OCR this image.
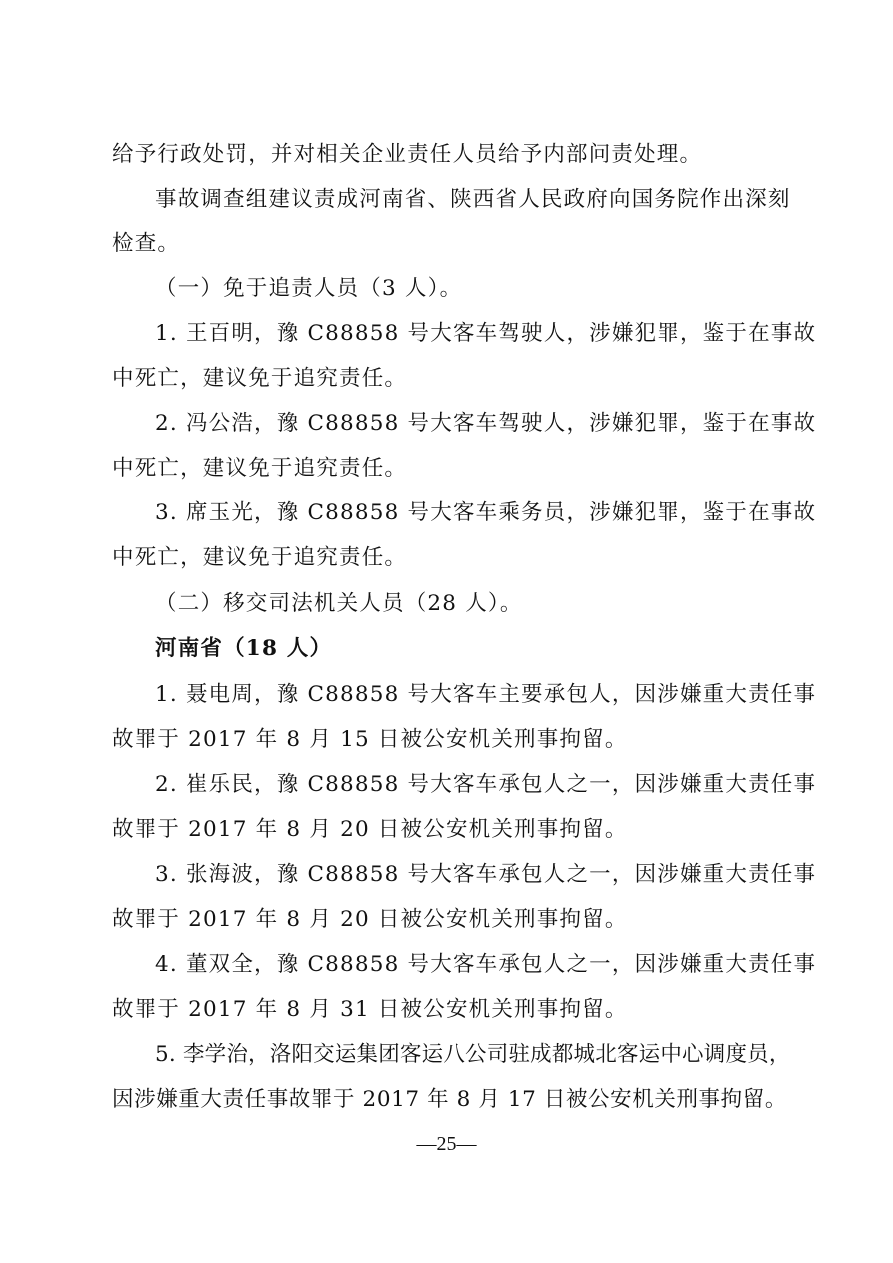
给予行政处罚，并对相关企业责任人员给予内部问责处理。
事故调查组建议责成河南省、陕西省人民政府向国务院作出深刻
检查。
（一）免于追责人员（3 人）。
1. 王百明，豫 C88858 号大客车驾驶人，涉嫌犯罪，鉴于在事故
中死亡，建议免于追究责任。
2. 冯公浩，豫 C88858 号大客车驾驶人，涉嫌犯罪，鉴于在事故
中死亡，建议免于追究责任。
3. 席玉光，豫 C88858 号大客车乘务员，涉嫌犯罪，鉴于在事故
中死亡，建议免于追究责任。
（二）移交司法机关人员（28 人）。
河南省（18 人）
1. 聂电周，豫 C88858 号大客车主要承包人，因涉嫌重大责任事
故罪于 2017 年 8 月 15 日被公安机关刑事拘留。
2. 崔乐民，豫 C88858 号大客车承包人之一，因涉嫌重大责任事
故罪于 2017 年 8 月 20 日被公安机关刑事拘留。
3. 张海波，豫 C88858 号大客车承包人之一，因涉嫌重大责任事
故罪于 2017 年 8 月 20 日被公安机关刑事拘留。
4. 董双全，豫 C88858 号大客车承包人之一，因涉嫌重大责任事
故罪于 2017 年 8 月 31 日被公安机关刑事拘留。
5. 李学治，洛阳交运集团客运八公司驻成都城北客运中心调度员，
因涉嫌重大责任事故罪于 2017 年 8 月 17 日被公安机关刑事拘留。
—25—
